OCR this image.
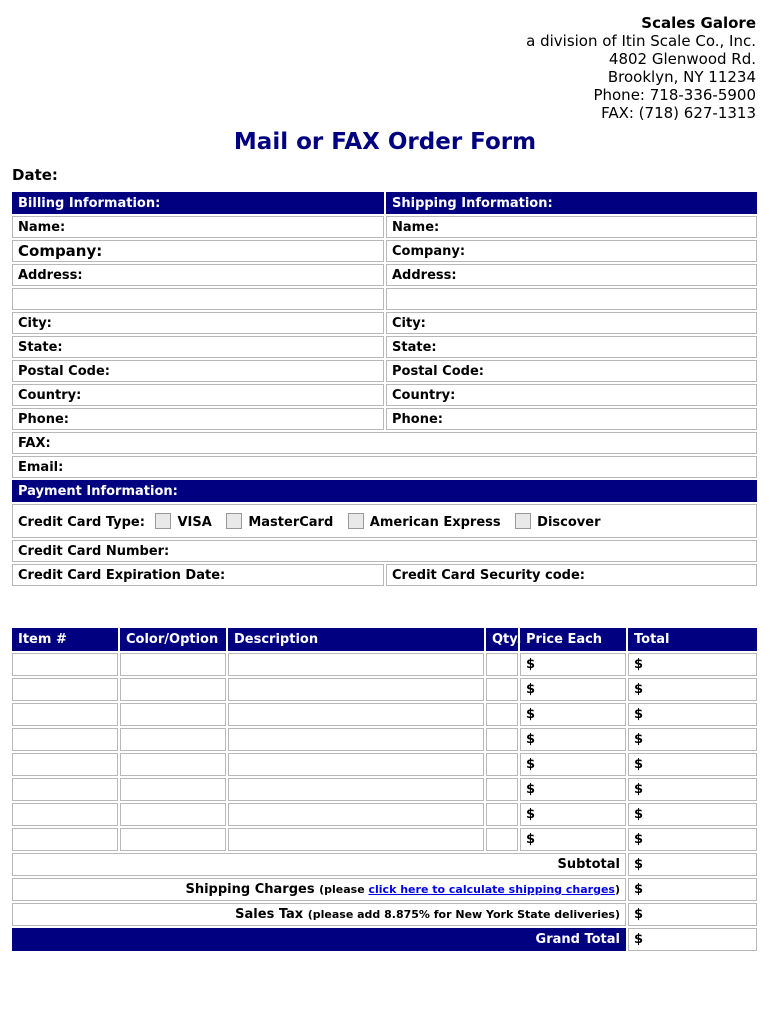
Scales Galore
a division of Itin Scale Co., Inc.
4802 Glenwood Rd.
Brooklyn, NY 11234
Phone: 718-336-5900
FAX: (718) 627-1313
Mail or FAX Order Form
Date:
Billing Information:	Shipping Information:
Name:	Name:
Company:	Company:
Address:	Address:

City:	City:
State:	State:
Postal Code:	Postal Code:
Country:	Country:
Phone:	Phone:
FAX:	
Email:	
Payment Information:	
Credit Card Type: VISA MasterCard American Express Discover	
Credit Card Number:	
Credit Card Expiration Date:	Credit Card Security code:
Item #	Color/Option	Description	Qty.	Price Each	Total
				$	$
				$	$
				$	$
				$	$
				$	$
				$	$
				$	$
				$	$
Subtotal					$
Shipping Charges (please click here to calculate shipping charges)					$
Sales Tax (please add 8.875% for New York State deliveries)					$
Grand Total					$
